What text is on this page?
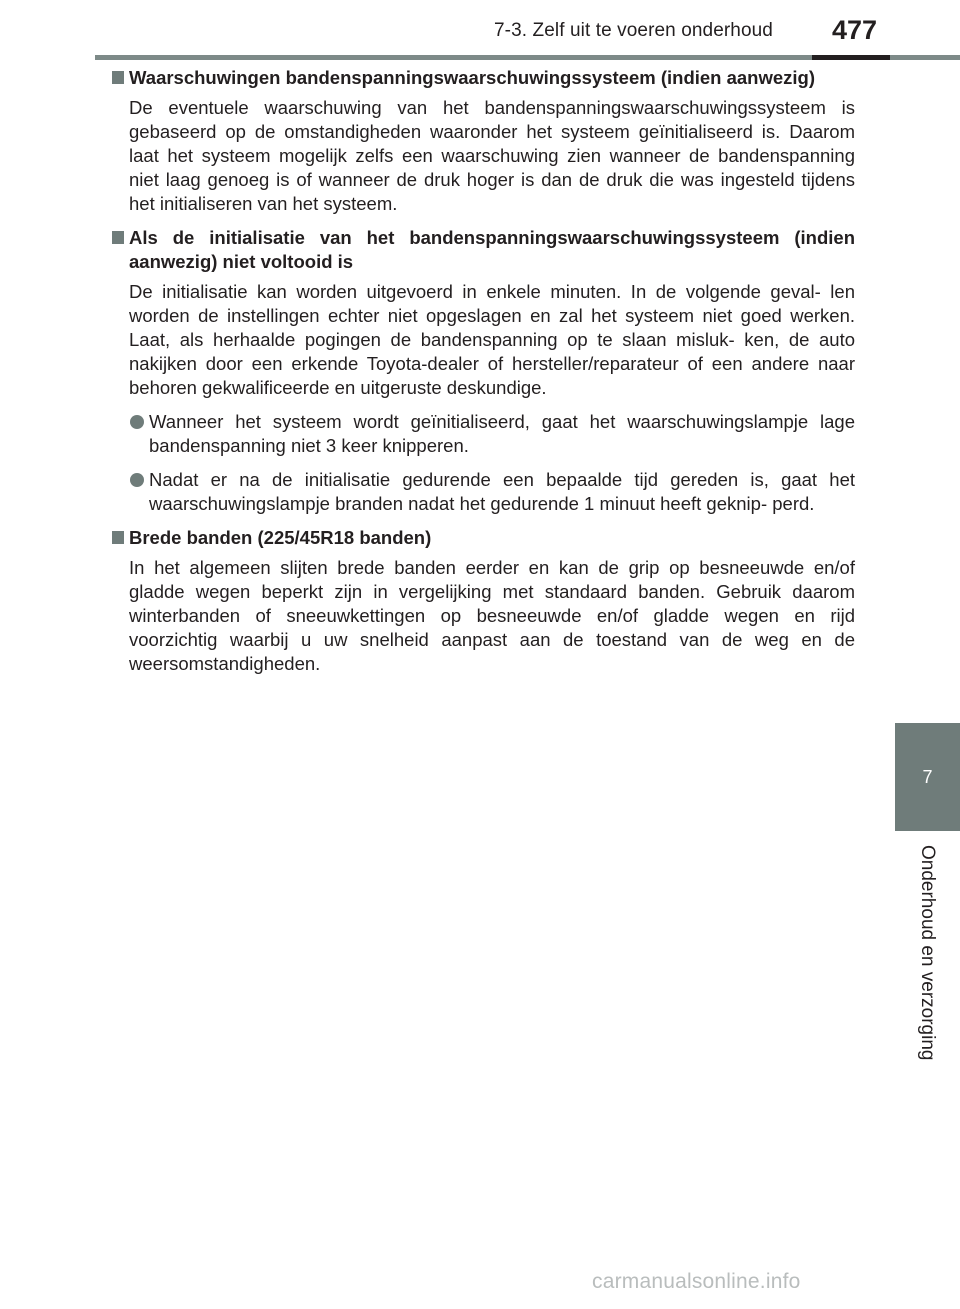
7-3. Zelf uit te voeren onderhoud 477
7
Onderhoud en verzorging
Waarschuwingen bandenspanningswaarschuwingssysteem (indien aanwezig)
De eventuele waarschuwing van het bandenspanningswaarschuwingssysteem is gebaseerd op de omstandigheden waaronder het systeem geïnitialiseerd is. Daarom laat het systeem mogelijk zelfs een waarschuwing zien wanneer de bandenspanning niet laag genoeg is of wanneer de druk hoger is dan de druk die was ingesteld tijdens het initialiseren van het systeem.
Als de initialisatie van het bandenspanningswaarschuwingssysteem (indien aanwezig) niet voltooid is
De initialisatie kan worden uitgevoerd in enkele minuten. In de volgende geval- len worden de instellingen echter niet opgeslagen en zal het systeem niet goed werken. Laat, als herhaalde pogingen de bandenspanning op te slaan misluk- ken, de auto nakijken door een erkende Toyota-dealer of hersteller/reparateur of een andere naar behoren gekwalificeerde en uitgeruste deskundige.
Wanneer het systeem wordt geïnitialiseerd, gaat het waarschuwingslampje lage bandenspanning niet 3 keer knipperen.
Nadat er na de initialisatie gedurende een bepaalde tijd gereden is, gaat het waarschuwingslampje branden nadat het gedurende 1 minuut heeft geknip- perd.
Brede banden (225/45R18 banden)
In het algemeen slijten brede banden eerder en kan de grip op besneeuwde en/of gladde wegen beperkt zijn in vergelijking met standaard banden. Gebruik daarom winterbanden of sneeuwkettingen op besneeuwde en/of gladde wegen en rijd voorzichtig waarbij u uw snelheid aanpast aan de toestand van de weg en de weersomstandigheden.
carmanualsonline.info
